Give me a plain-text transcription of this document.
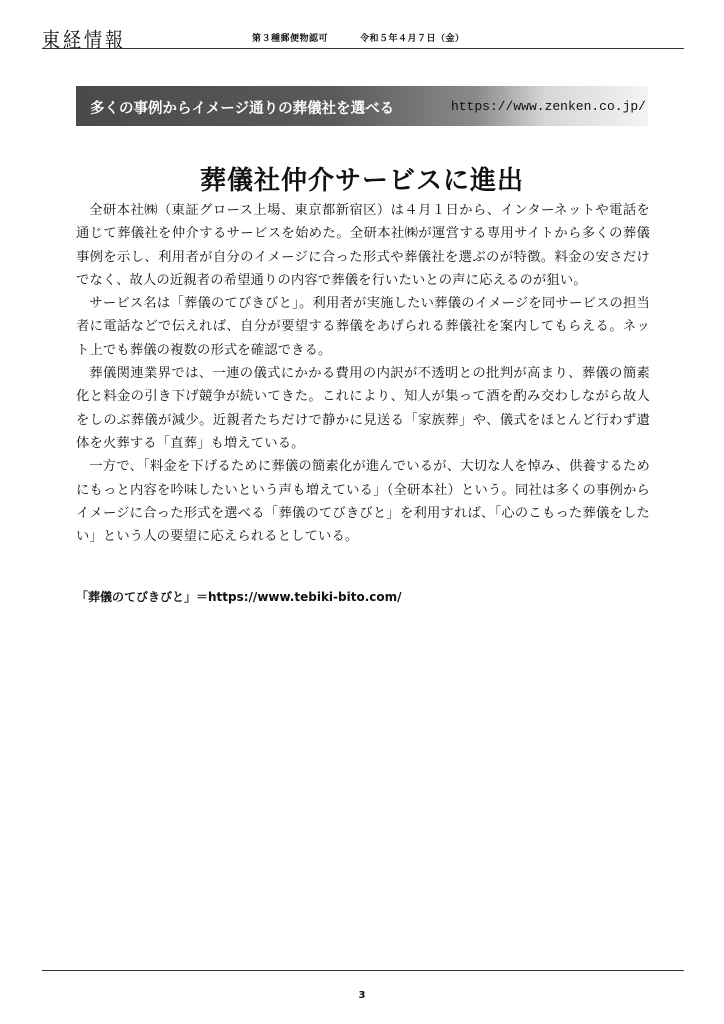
東経情報	第３種郵便物認可	令和５年４月７日（金）
多くの事例からイメージ通りの葬儀社を選べる	https://www.zenken.co.jp/
葬儀社仲介サービスに進出

全研本社㈱（東証グロース上場、東京都新宿区）は４月１日から、インターネットや電話を通じて葬儀社を仲介するサービスを始めた。全研本社㈱が運営する専用サイトから多くの葬儀事例を示し、利用者が自分のイメージに合った形式や葬儀社を選ぶのが特徴。料金の安さだけでなく、故人の近親者の希望通りの内容で葬儀を行いたいとの声に応えるのが狙い。

サービス名は「葬儀のてびきびと」。利用者が実施したい葬儀のイメージを同サービスの担当者に電話などで伝えれば、自分が要望する葬儀をあげられる葬儀社を案内してもらえる。ネット上でも葬儀の複数の形式を確認できる。

葬儀関連業界では、一連の儀式にかかる費用の内訳が不透明との批判が高まり、葬儀の簡素化と料金の引き下げ競争が続いてきた。これにより、知人が集って酒を酌み交わしながら故人をしのぶ葬儀が減少。近親者たちだけで静かに見送る「家族葬」や、儀式をほとんど行わず遺体を火葬する「直葬」も増えている。

一方で、「料金を下げるために葬儀の簡素化が進んでいるが、大切な人を悼み、供養するためにもっと内容を吟味したいという声も増えている」（全研本社）という。同社は多くの事例からイメージに合った形式を選べる「葬儀のてびきびと」を利用すれば、「心のこもった葬儀をしたい」という人の要望に応えられるとしている。

「葬儀のてびきびと」＝https://www.tebiki-bito.com/
3
